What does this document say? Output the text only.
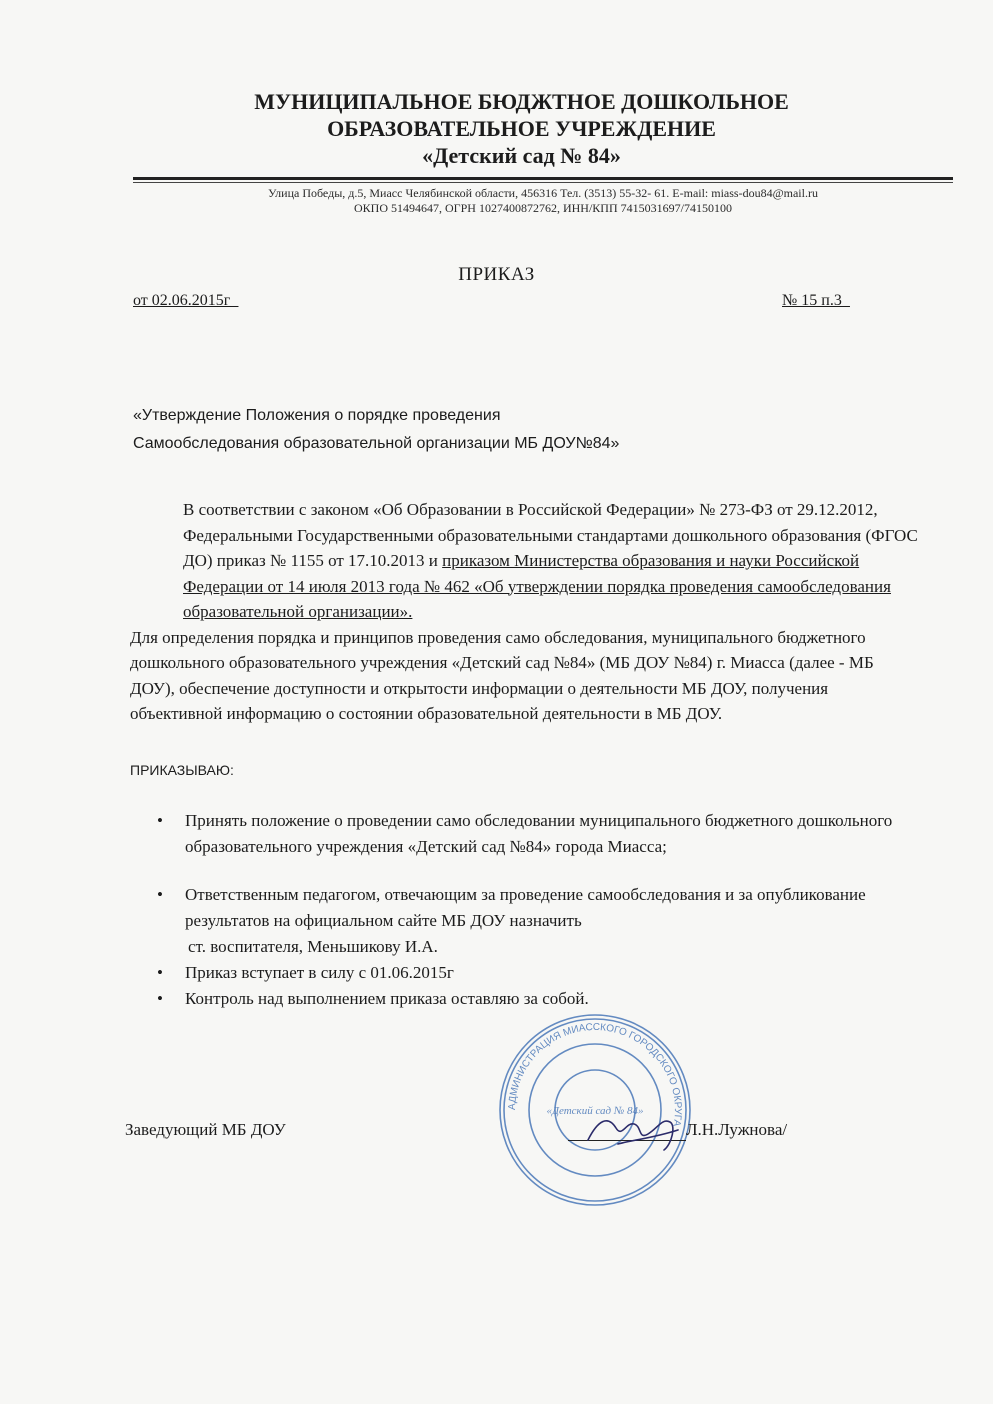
МУНИЦИПАЛЬНОЕ БЮДЖТНОЕ ДОШКОЛЬНОЕ
ОБРАЗОВАТЕЛЬНОЕ УЧРЕЖДЕНИЕ
«Детский сад № 84»
Улица Победы, д.5, Миасс Челябинской области, 456316 Тел. (3513) 55-32- 61. E-mail: miass-dou84@mail.ru
ОКПО 51494647, ОГРН 1027400872762, ИНН/КПП 7415031697/74150100
ПРИКАЗ
от 02.06.2015г_	№ 15 п.3_
«Утверждение Положения о порядке проведения
Самообследования образовательной организации МБ ДОУ№84»
В соответствии с законом «Об Образовании в Российской Федерации» № 273-ФЗ от 29.12.2012, Федеральными Государственными образовательными стандартами дошкольного образования (ФГОС ДО) приказ № 1155 от 17.10.2013 и приказом Министерства образования и науки Российской Федерации от 14 июля 2013 года № 462 «Об утверждении порядка проведения самообследования образовательной организации».
Для определения порядка и принципов проведения само обследования, муниципального бюджетного дошкольного образовательного учреждения «Детский сад №84» (МБ ДОУ №84) г. Миасса (далее - МБ ДОУ), обеспечение доступности и открытости информации о деятельности МБ ДОУ, получения объективной информацию о состоянии образовательной деятельности в МБ ДОУ.
ПРИКАЗЫВАЮ:
• Принять положение о проведении само обследовании муниципального бюджетного дошкольного образовательного учреждения «Детский сад №84» города Миасса;
• Ответственным педагогом, отвечающим за проведение самообследования и за опубликование результатов на официальном сайте МБ ДОУ назначить
ст. воспитателя, Меньшикову И.А.
• Приказ вступает в силу с 01.06.2015г
• Контроль над выполнением приказа оставляю за собой.
АДМИНИСТРАЦИЯ МИАССКОГО ГОРОДСКОГО ОКРУГА
«Детский сад № 84»
Заведующий МБ ДОУ	Л.Н.Лужнова/
